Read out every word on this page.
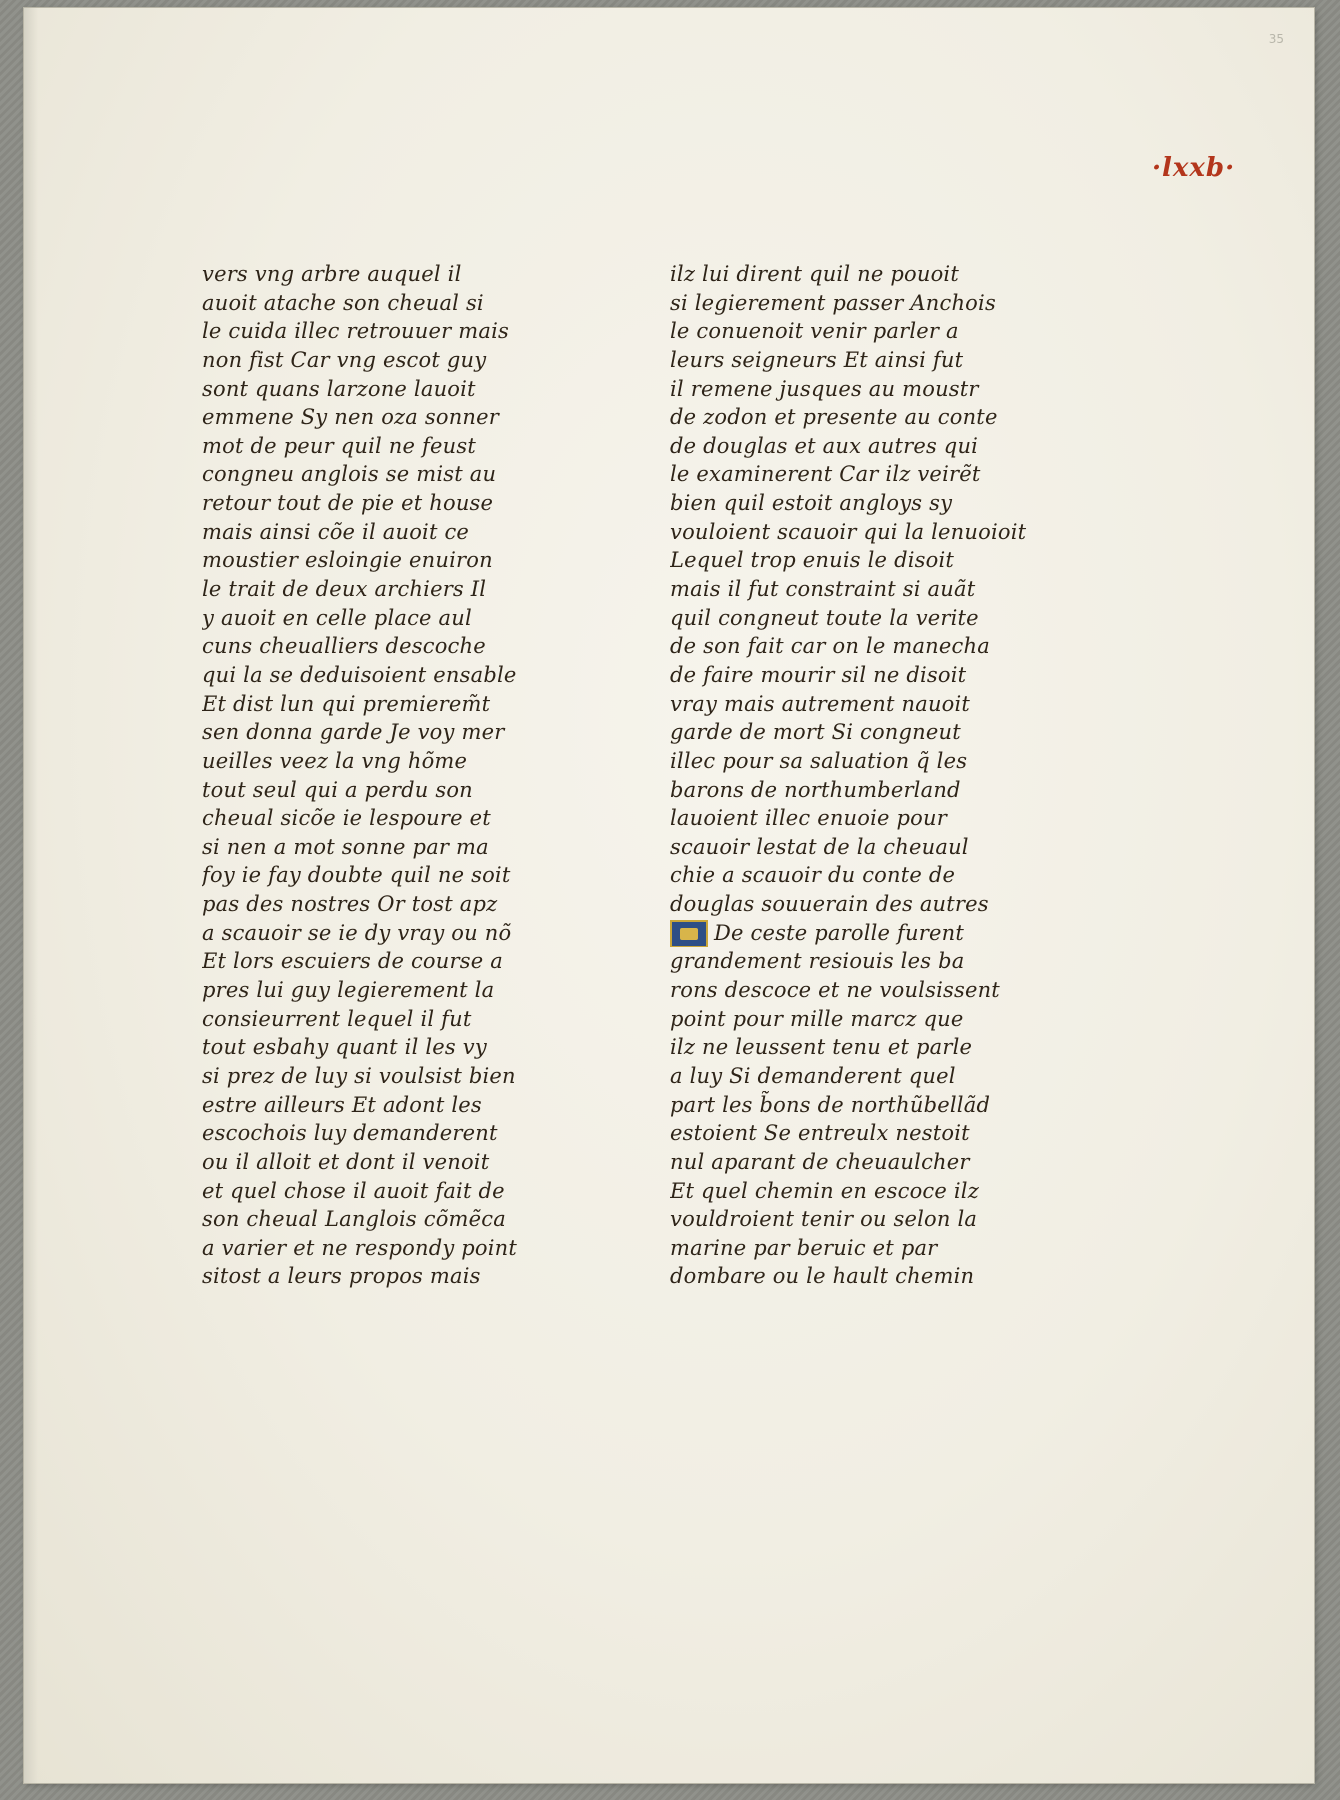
35
·lxxb·
vers vng arbre auquel il
auoit atache son cheual si
le cuida illec retrouuer mais
non fist Car vng escot guy
sont quans larzone lauoit
emmene Sy nen oza sonner
mot de peur quil ne feust
congneu anglois se mist au
retour tout de pie et house
mais ainsi cõe il auoit ce
moustier esloingie enuiron
le trait de deux archiers Il
y auoit en celle place aul
cuns cheualliers descoche
qui la se deduisoient ensable
Et dist lun qui premierem̃t
sen donna garde Je voy mer
ueilles veez la vng hõme
tout seul qui a perdu son
cheual sicõe ie lespoure et
si nen a mot sonne par ma
foy ie fay doubte quil ne soit
pas des nostres Or tost apz
a scauoir se ie dy vray ou nõ
Et lors escuiers de course a
pres lui guy legierement la
consieurrent lequel il fut
tout esbahy quant il les vy
si prez de luy si voulsist bien
estre ailleurs Et adont les
escochois luy demanderent
ou il alloit et dont il venoit
et quel chose il auoit fait de
son cheual Langlois cõmẽca
a varier et ne respondy point
sitost a leurs propos mais
ilz lui dirent quil ne pouoit
si legierement passer Anchois
le conuenoit venir parler a
leurs seigneurs Et ainsi fut
il remene jusques au moustr
de zodon et presente au conte
de douglas et aux autres qui
le examinerent Car ilz veirẽt
bien quil estoit angloys sy
vouloient scauoir qui la lenuoioit
Lequel trop enuis le disoit
mais il fut constraint si auãt
quil congneut toute la verite
de son fait car on le manecha
de faire mourir sil ne disoit
vray mais autrement nauoit
garde de mort Si congneut
illec pour sa saluation q̃ les
barons de northumberland
lauoient illec enuoie pour
scauoir lestat de la cheuaul
chie a scauoir du conte de
douglas souuerain des autres
De ceste parolle furent
grandement resiouis les ba
rons descoce et ne voulsissent
point pour mille marcz que
ilz ne leussent tenu et parle
a luy Si demanderent quel
part les b̃ons de northũbellãd
estoient Se entreulx nestoit
nul aparant de cheuaulcher
Et quel chemin en escoce ilz
vouldroient tenir ou selon la
marine par beruic et par
dombare ou le hault chemin
